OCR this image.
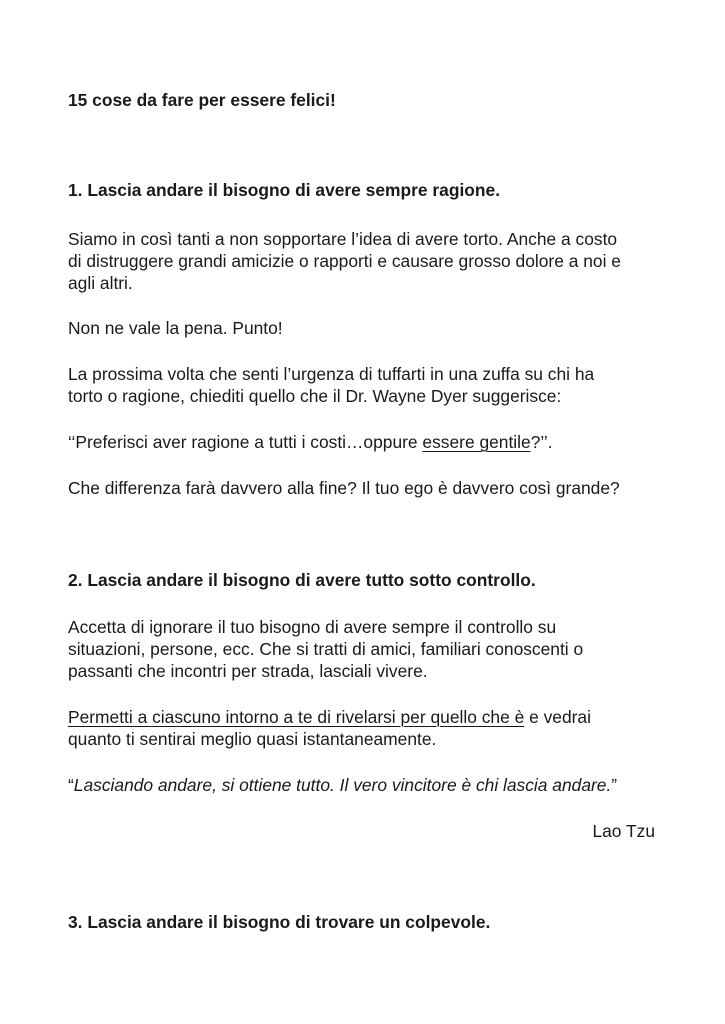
15 cose da fare per essere felici!

1. Lascia andare il bisogno di avere sempre ragione.

Siamo in così tanti a non sopportare l’idea di avere torto. Anche a costo

di distruggere grandi amicizie o rapporti e causare grosso dolore a noi e

agli altri.

Non ne vale la pena. Punto!

La prossima volta che senti l’urgenza di tuffarti in una zuffa su chi ha

torto o ragione, chiediti quello che il Dr. Wayne Dyer suggerisce:

‘‘Preferisci aver ragione a tutti i costi…oppure essere gentile?’’.

Che differenza farà davvero alla fine? Il tuo ego è davvero così grande?

2. Lascia andare il bisogno di avere tutto sotto controllo.

Accetta di ignorare il tuo bisogno di avere sempre il controllo su

situazioni, persone, ecc. Che si tratti di amici, familiari conoscenti o

passanti che incontri per strada, lasciali vivere.

Permetti a ciascuno intorno a te di rivelarsi per quello che è e vedrai

quanto ti sentirai meglio quasi istantaneamente.

“Lasciando andare, si ottiene tutto. Il vero vincitore è chi lascia andare.”

Lao Tzu

3. Lascia andare il bisogno di trovare un colpevole.
